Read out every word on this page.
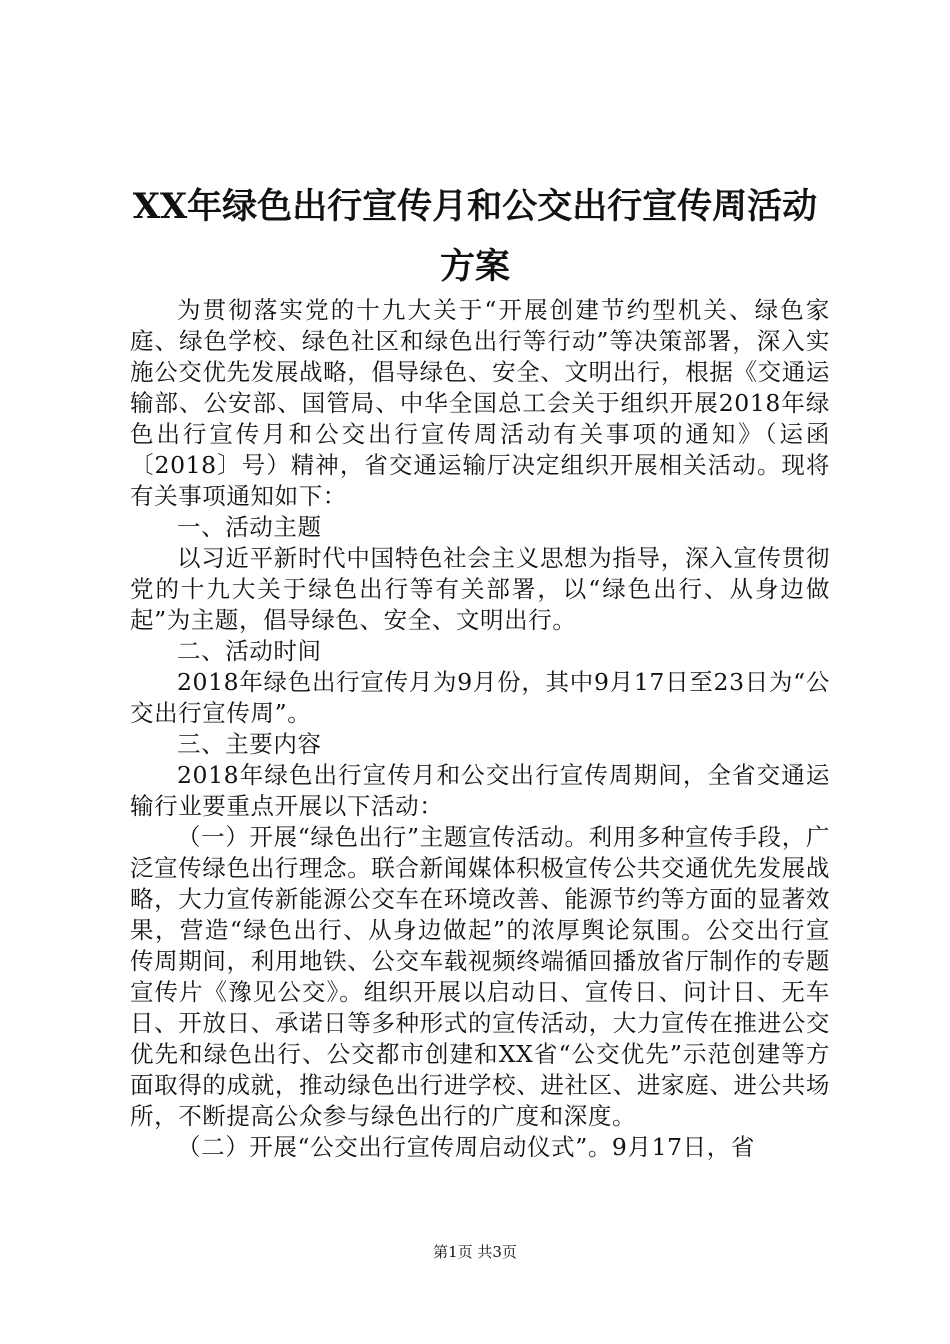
XX年绿色出行宣传月和公交出行宣传周活动
方案

为贯彻落实党的十九大关于“开展创建节约型机关、绿色家庭、绿色学校、绿色社区和绿色出行等行动”等决策部署，深入实施公交优先发展战略，倡导绿色、安全、文明出行，根据《交通运输部、公安部、国管局、中华全国总工会关于组织开展2018年绿色出行宣传月和公交出行宣传周活动有关事项的通知》（运函〔2018〕号）精神，省交通运输厅决定组织开展相关活动。现将有关事项通知如下：

一、活动主题

以习近平新时代中国特色社会主义思想为指导，深入宣传贯彻党的十九大关于绿色出行等有关部署，以“绿色出行、从身边做起”为主题，倡导绿色、安全、文明出行。

二、活动时间

2018年绿色出行宣传月为9月份，其中9月17日至23日为“公交出行宣传周”。

三、主要内容

2018年绿色出行宣传月和公交出行宣传周期间，全省交通运输行业要重点开展以下活动：

（一）开展“绿色出行”主题宣传活动。利用多种宣传手段，广泛宣传绿色出行理念。联合新闻媒体积极宣传公共交通优先发展战略，大力宣传新能源公交车在环境改善、能源节约等方面的显著效果，营造“绿色出行、从身边做起”的浓厚舆论氛围。公交出行宣传周期间，利用地铁、公交车载视频终端循回播放省厅制作的专题宣传片《豫见公交》。组织开展以启动日、宣传日、问计日、无车日、开放日、承诺日等多种形式的宣传活动，大力宣传在推进公交优先和绿色出行、公交都市创建和XX省“公交优先”示范创建等方面取得的成就，推动绿色出行进学校、进社区、进家庭、进公共场所，不断提高公众参与绿色出行的广度和深度。

（二）开展“公交出行宣传周启动仪式”。9月17日，省

第1页 共3页
